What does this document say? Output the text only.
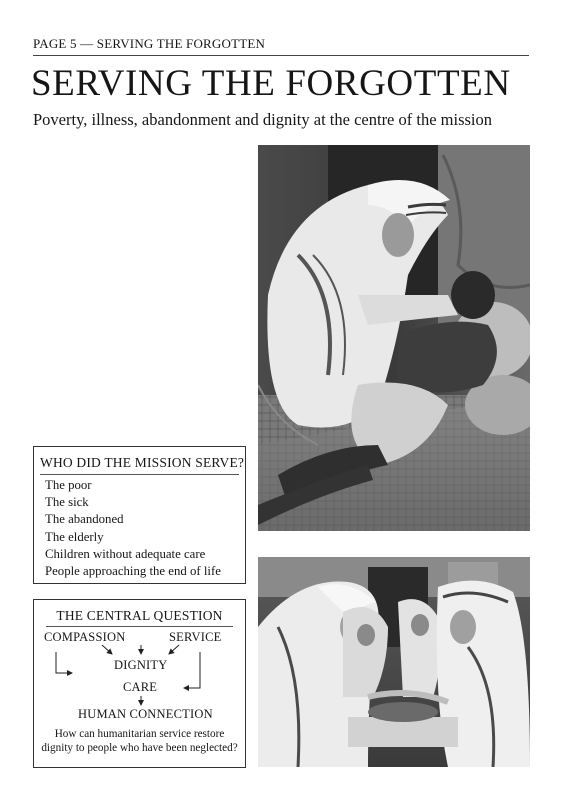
PAGE 5 — SERVING THE FORGOTTEN
SERVING THE FORGOTTEN
Poverty, illness, abandonment and dignity at the centre of the mission
WHO DID THE MISSION SERVE?
The poor
The sick
The abandoned
The elderly
Children without adequate care
People approaching the end of life
THE CENTRAL QUESTION
COMPASSION	SERVICE
DIGNITY
CARE
HUMAN CONNECTION
How can humanitarian service restore
dignity to people who have been neglected?
